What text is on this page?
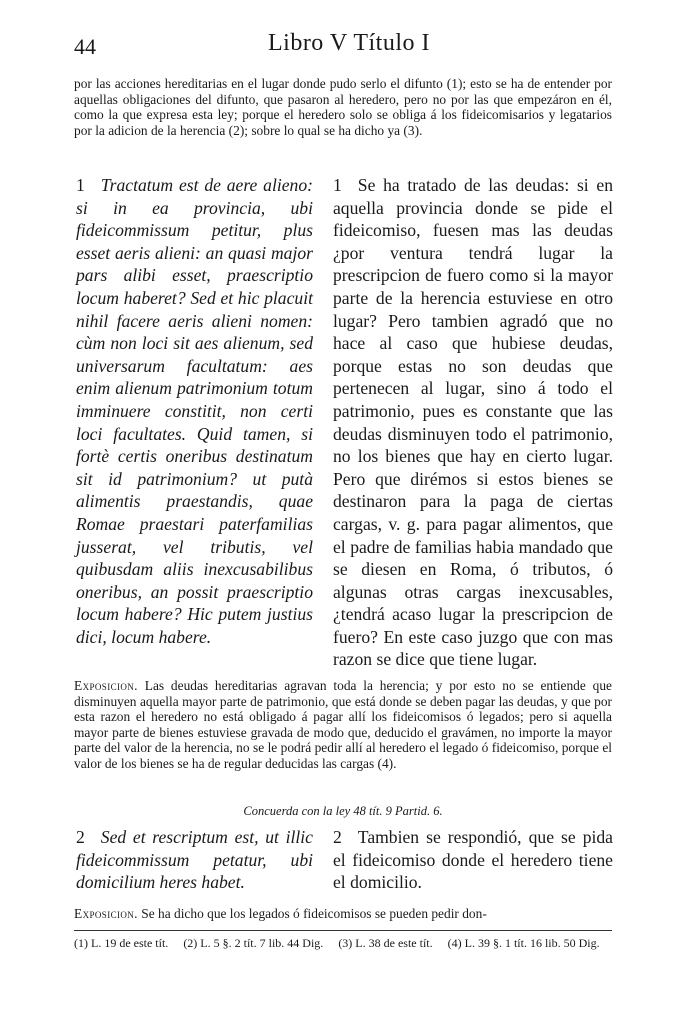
44	Libro V Título I
por las acciones hereditarias en el lugar donde pudo serlo el difunto (1); esto se ha de entender por aquellas obligaciones del difunto, que pasaron al heredero, pero no por las que empezáron en él, como la que expresa esta ley; porque el heredero solo se obliga á los fideicomisarios y legatarios por la adicion de la herencia (2); sobre lo qual se ha dicho ya (3).
1 Tractatum est de aere alieno: si in ea provincia, ubi fideicommissum petitur, plus esset aeris alieni: an quasi major pars alibi esset, praescriptio locum haberet? Sed et hic placuit nihil facere aeris alieni nomen: cùm non loci sit aes alienum, sed universarum facultatum: aes enim alienum patrimonium totum imminuere constitit, non certi loci facultates. Quid tamen, si fortè certis oneribus destinatum sit id patrimonium? ut putà alimentis praestandis, quae Romae praestari paterfamilias jusserat, vel tributis, vel quibusdam aliis inexcusabilibus oneribus, an possit praescriptio locum habere? Hic putem justius dici, locum habere.
1 Se ha tratado de las deudas: si en aquella provincia donde se pide el fideicomiso, fuesen mas las deudas ¿por ventura tendrá lugar la prescripcion de fuero como si la mayor parte de la herencia estuviese en otro lugar? Pero tambien agradó que no hace al caso que hubiese deudas, porque estas no son deudas que pertenecen al lugar, sino á todo el patrimonio, pues es constante que las deudas disminuyen todo el patrimonio, no los bienes que hay en cierto lugar. Pero que dirémos si estos bienes se destinaron para la paga de ciertas cargas, v. g. para pagar alimentos, que el padre de familias habia mandado que se diesen en Roma, ó tributos, ó algunas otras cargas inexcusables, ¿tendrá acaso lugar la prescripcion de fuero? En este caso juzgo que con mas razon se dice que tiene lugar.
Exposicion. Las deudas hereditarias agravan toda la herencia; y por esto no se entiende que disminuyen aquella mayor parte de patrimonio, que está donde se deben pagar las deudas, y que por esta razon el heredero no está obligado á pagar allí los fideicomisos ó legados; pero si aquella mayor parte de bienes estuviese gravada de modo que, deducido el gravámen, no importe la mayor parte del valor de la herencia, no se le podrá pedir allí al heredero el legado ó fideicomiso, porque el valor de los bienes se ha de regular deducidas las cargas (4).
Concuerda con la ley 48 tít. 9 Partid. 6.
2 Sed et rescriptum est, ut illic fideicommissum petatur, ubi domicilium heres habet.
2 Tambien se respondió, que se pida el fideicomiso donde el heredero tiene el domicilio.
Exposicion. Se ha dicho que los legados ó fideicomisos se pueden pedir don-
(1) L. 19 de este tít. (2) L. 5 §. 2 tít. 7 lib. 44 Dig. (3) L. 38 de este tít. (4) L. 39 §. 1 tít. 16 lib. 50 Dig.
